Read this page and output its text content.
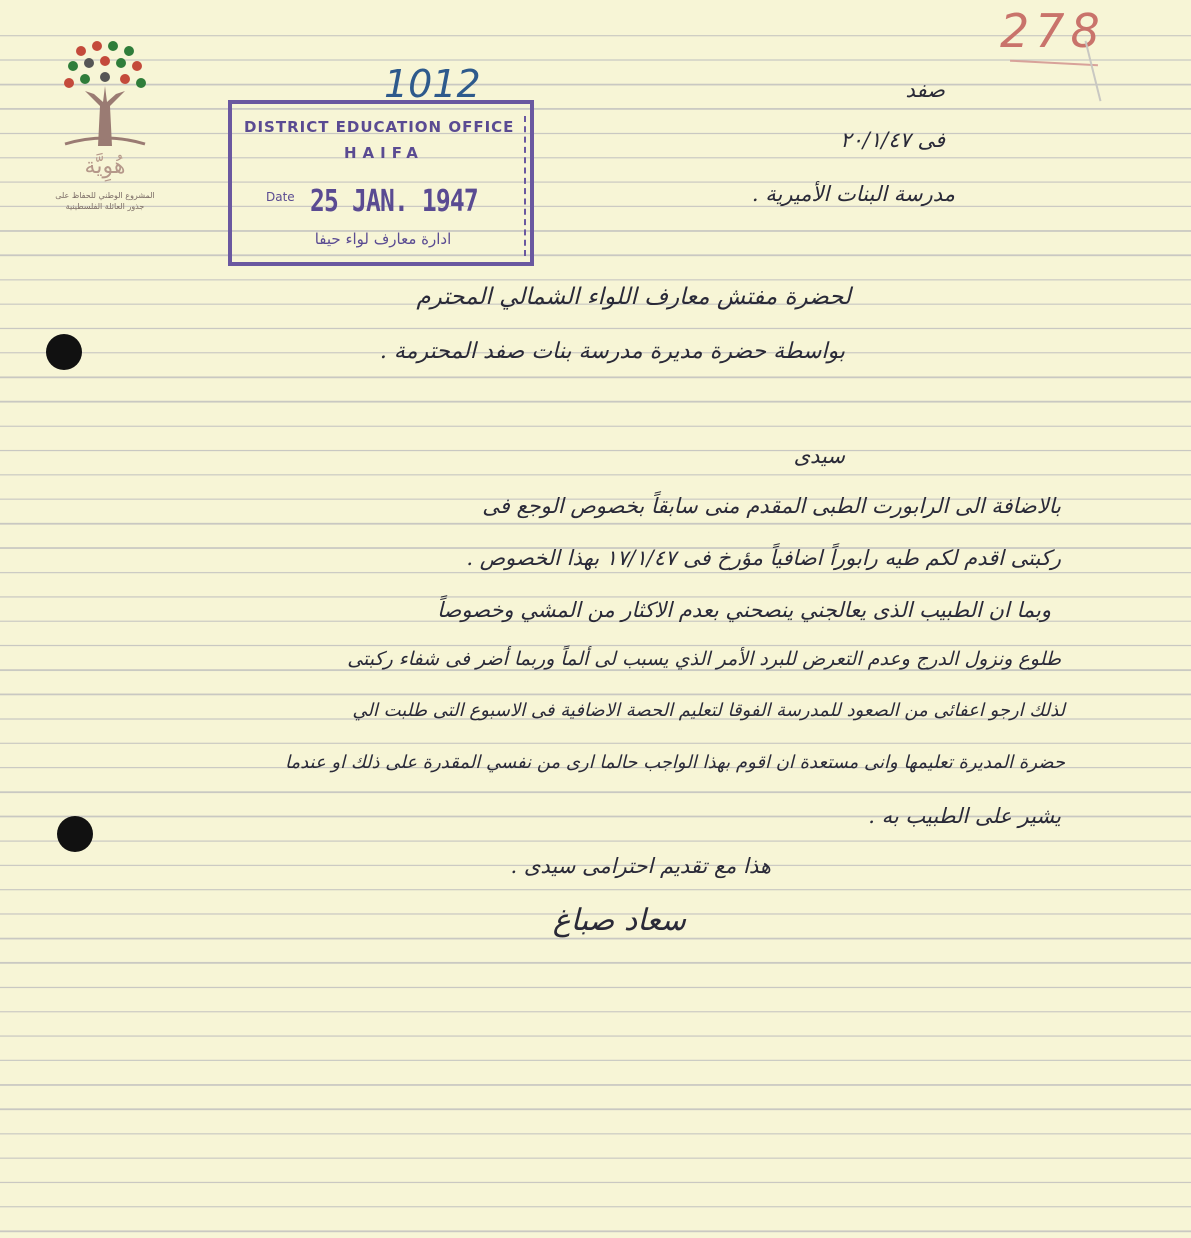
278
1012
هُوِيَّة
المشروع الوطني للحفاظ على
جذور العائلة الفلسطينية
DISTRICT EDUCATION OFFICE
HAIFA
Date 25 JAN. 1947
ادارة معارف لواء حيفا
صفد
فى ٢٠/١/٤٧
مدرسة البنات الأميرية .
لحضرة مفتش معارف اللواء الشمالي المحترم
بواسطة حضرة مديرة مدرسة بنات صفد المحترمة .
سيدى
بالاضافة الى الرابورت الطبى المقدم منى سابقاً بخصوص الوجع فى
ركبتى اقدم لكم طيه رابوراً اضافياً مؤرخ فى ١٧/١/٤٧ بهذا الخصوص .
وبما ان الطبيب الذى يعالجني ينصحني بعدم الاكثار من المشي وخصوصاً
طلوع ونزول الدرج وعدم التعرض للبرد الأمر الذي يسبب لى ألماً وربما أضر فى شفاء ركبتى
لذلك ارجو اعفائى من الصعود للمدرسة الفوقا لتعليم الحصة الاضافية فى الاسبوع التى طلبت الي
حضرة المديرة تعليمها وانى مستعدة ان اقوم بهذا الواجب حالما ارى من نفسي المقدرة على ذلك او عندما
يشير على الطبيب به .
هذا مع تقديم احترامى سيدى .
سعاد صباغ
